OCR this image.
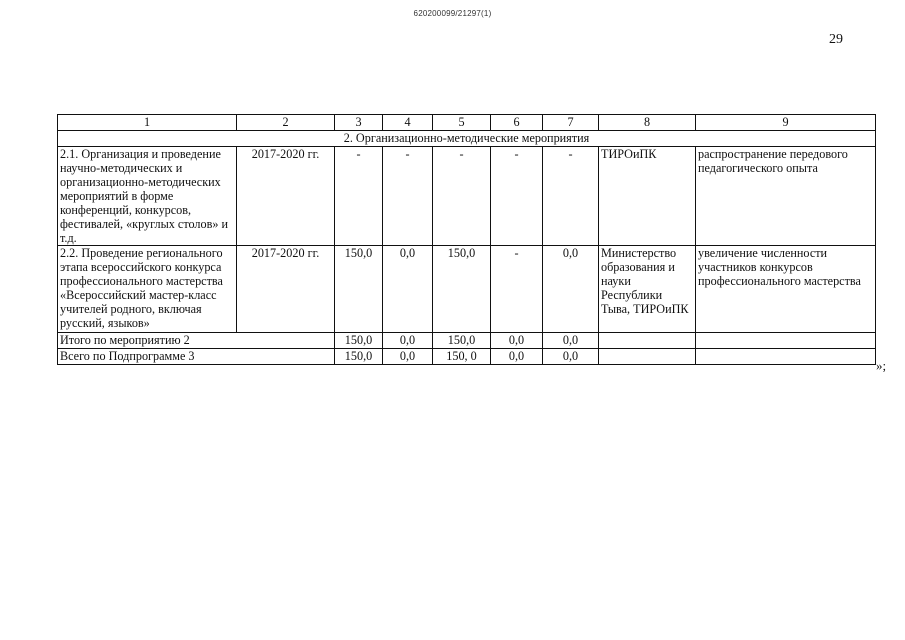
620200099/21297(1)
29
1	2	3	4	5	6	7	8	9
2. Организационно-методические мероприятия								
2.1. Организация и проведение научно-методических и организационно-методических мероприятий в форме конференций, конкурсов, фестивалей, «круглых столов» и т.д.	2017-2020 гг.	-	-	-	-	-	ТИРОиПК	распространение передового педагогического опыта
2.2. Проведение регионального этапа всероссийского конкурса профессионального мастерства «Всероссийский мастер-класс учителей родного, включая русский, языков»	2017-2020 гг.	150,0	0,0	150,0	-	0,0	Министерство образования и науки Республики Тыва, ТИРОиПК	увеличение численности участников конкурсов профессионального мастерства
Итого по мероприятию 2		150,0	0,0	150,0	0,0	0,0		
Всего по Подпрограмме 3		150,0	0,0	150, 0	0,0	0,0		
»;
